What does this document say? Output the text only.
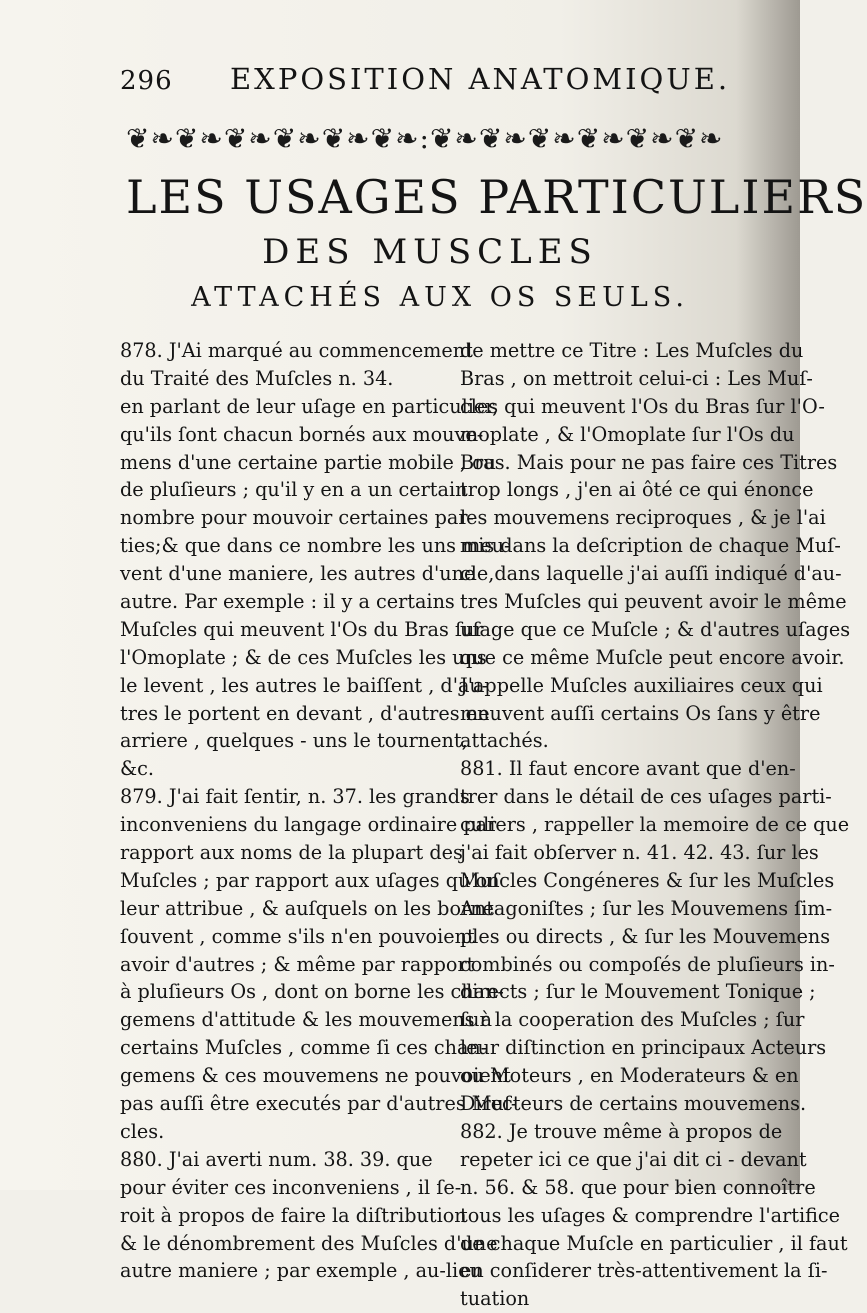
296 EXPOSITION ANATOMIQUE.
❦❧❦❧❦❧❦❧❦❧❦❧:❦❧❦❧❦❧❦❧❦❧❦❧
LES USAGES PARTICULIERS
DES MUSCLES
ATTACHÉS AUX OS SEULS.
878. J'Ai marqué au commencement
du Traité des Muſcles n. 34.
en parlant de leur uſage en particulier,
qu'ils ſont chacun bornés aux mouve-
mens d'une certaine partie mobile , ou
de pluſieurs ; qu'il y en a un certain
nombre pour mouvoir certaines par-
ties;& que dans ce nombre les uns meu-
vent d'une maniere, les autres d'une
autre. Par exemple : il y a certains
Muſcles qui meuvent l'Os du Bras ſur
l'Omoplate ; & de ces Muſcles les uns
le levent , les autres le baiſſent , d'au-
tres le portent en devant , d'autres en
arriere , quelques - uns le tournent,
&c.
879. J'ai fait ſentir, n. 37. les grands
inconveniens du langage ordinaire par
rapport aux noms de la plupart des
Muſcles ; par rapport aux uſages qu'on
leur attribue , & auſquels on les borne
ſouvent , comme s'ils n'en pouvoient
avoir d'autres ; & même par rapport
à pluſieurs Os , dont on borne les chan-
gemens d'attitude & les mouvemens à
certains Muſcles , comme ſi ces chan-
gemens & ces mouvemens ne pouvoient
pas auſſi être executés par d'autres Muſ-
cles.
880. J'ai averti num. 38. 39. que
pour éviter ces inconveniens , il ſe-
roit à propos de faire la diſtribution
& le dénombrement des Muſcles d'une
autre maniere ; par exemple , au-lieu
de mettre ce Titre : Les Muſcles du
Bras , on mettroit celui-ci : Les Muſ-
cles qui meuvent l'Os du Bras ſur l'O-
moplate , & l'Omoplate ſur l'Os du
Bras. Mais pour ne pas faire ces Titres
trop longs , j'en ai ôté ce qui énonce
les mouvemens reciproques , & je l'ai
mis dans la deſcription de chaque Muſ-
cle,dans laquelle j'ai auſſi indiqué d'au-
tres Muſcles qui peuvent avoir le même
uſage que ce Muſcle ; & d'autres uſages
que ce même Muſcle peut encore avoir.
J'appelle Muſcles auxiliaires ceux qui
meuvent auſſi certains Os ſans y être
attachés.
881. Il faut encore avant que d'en-
trer dans le détail de ces uſages parti-
culiers , rappeller la memoire de ce que
j'ai fait obſerver n. 41. 42. 43. ſur les
Muſcles Congéneres & ſur les Muſcles
Antagoniſtes ; ſur les Mouvemens ſim-
ples ou directs , & ſur les Mouvemens
combinés ou compoſés de pluſieurs in-
directs ; ſur le Mouvement Tonique ;
ſur la cooperation des Muſcles ; ſur
leur diſtinction en principaux Acteurs
ou Moteurs , en Moderateurs & en
Directeurs de certains mouvemens.
882. Je trouve même à propos de
repeter ici ce que j'ai dit ci - devant
n. 56. & 58. que pour bien connoître
tous les uſages & comprendre l'artifice
de chaque Muſcle en particulier , il faut
en conſiderer très-attentivement la ſi-
tuation
